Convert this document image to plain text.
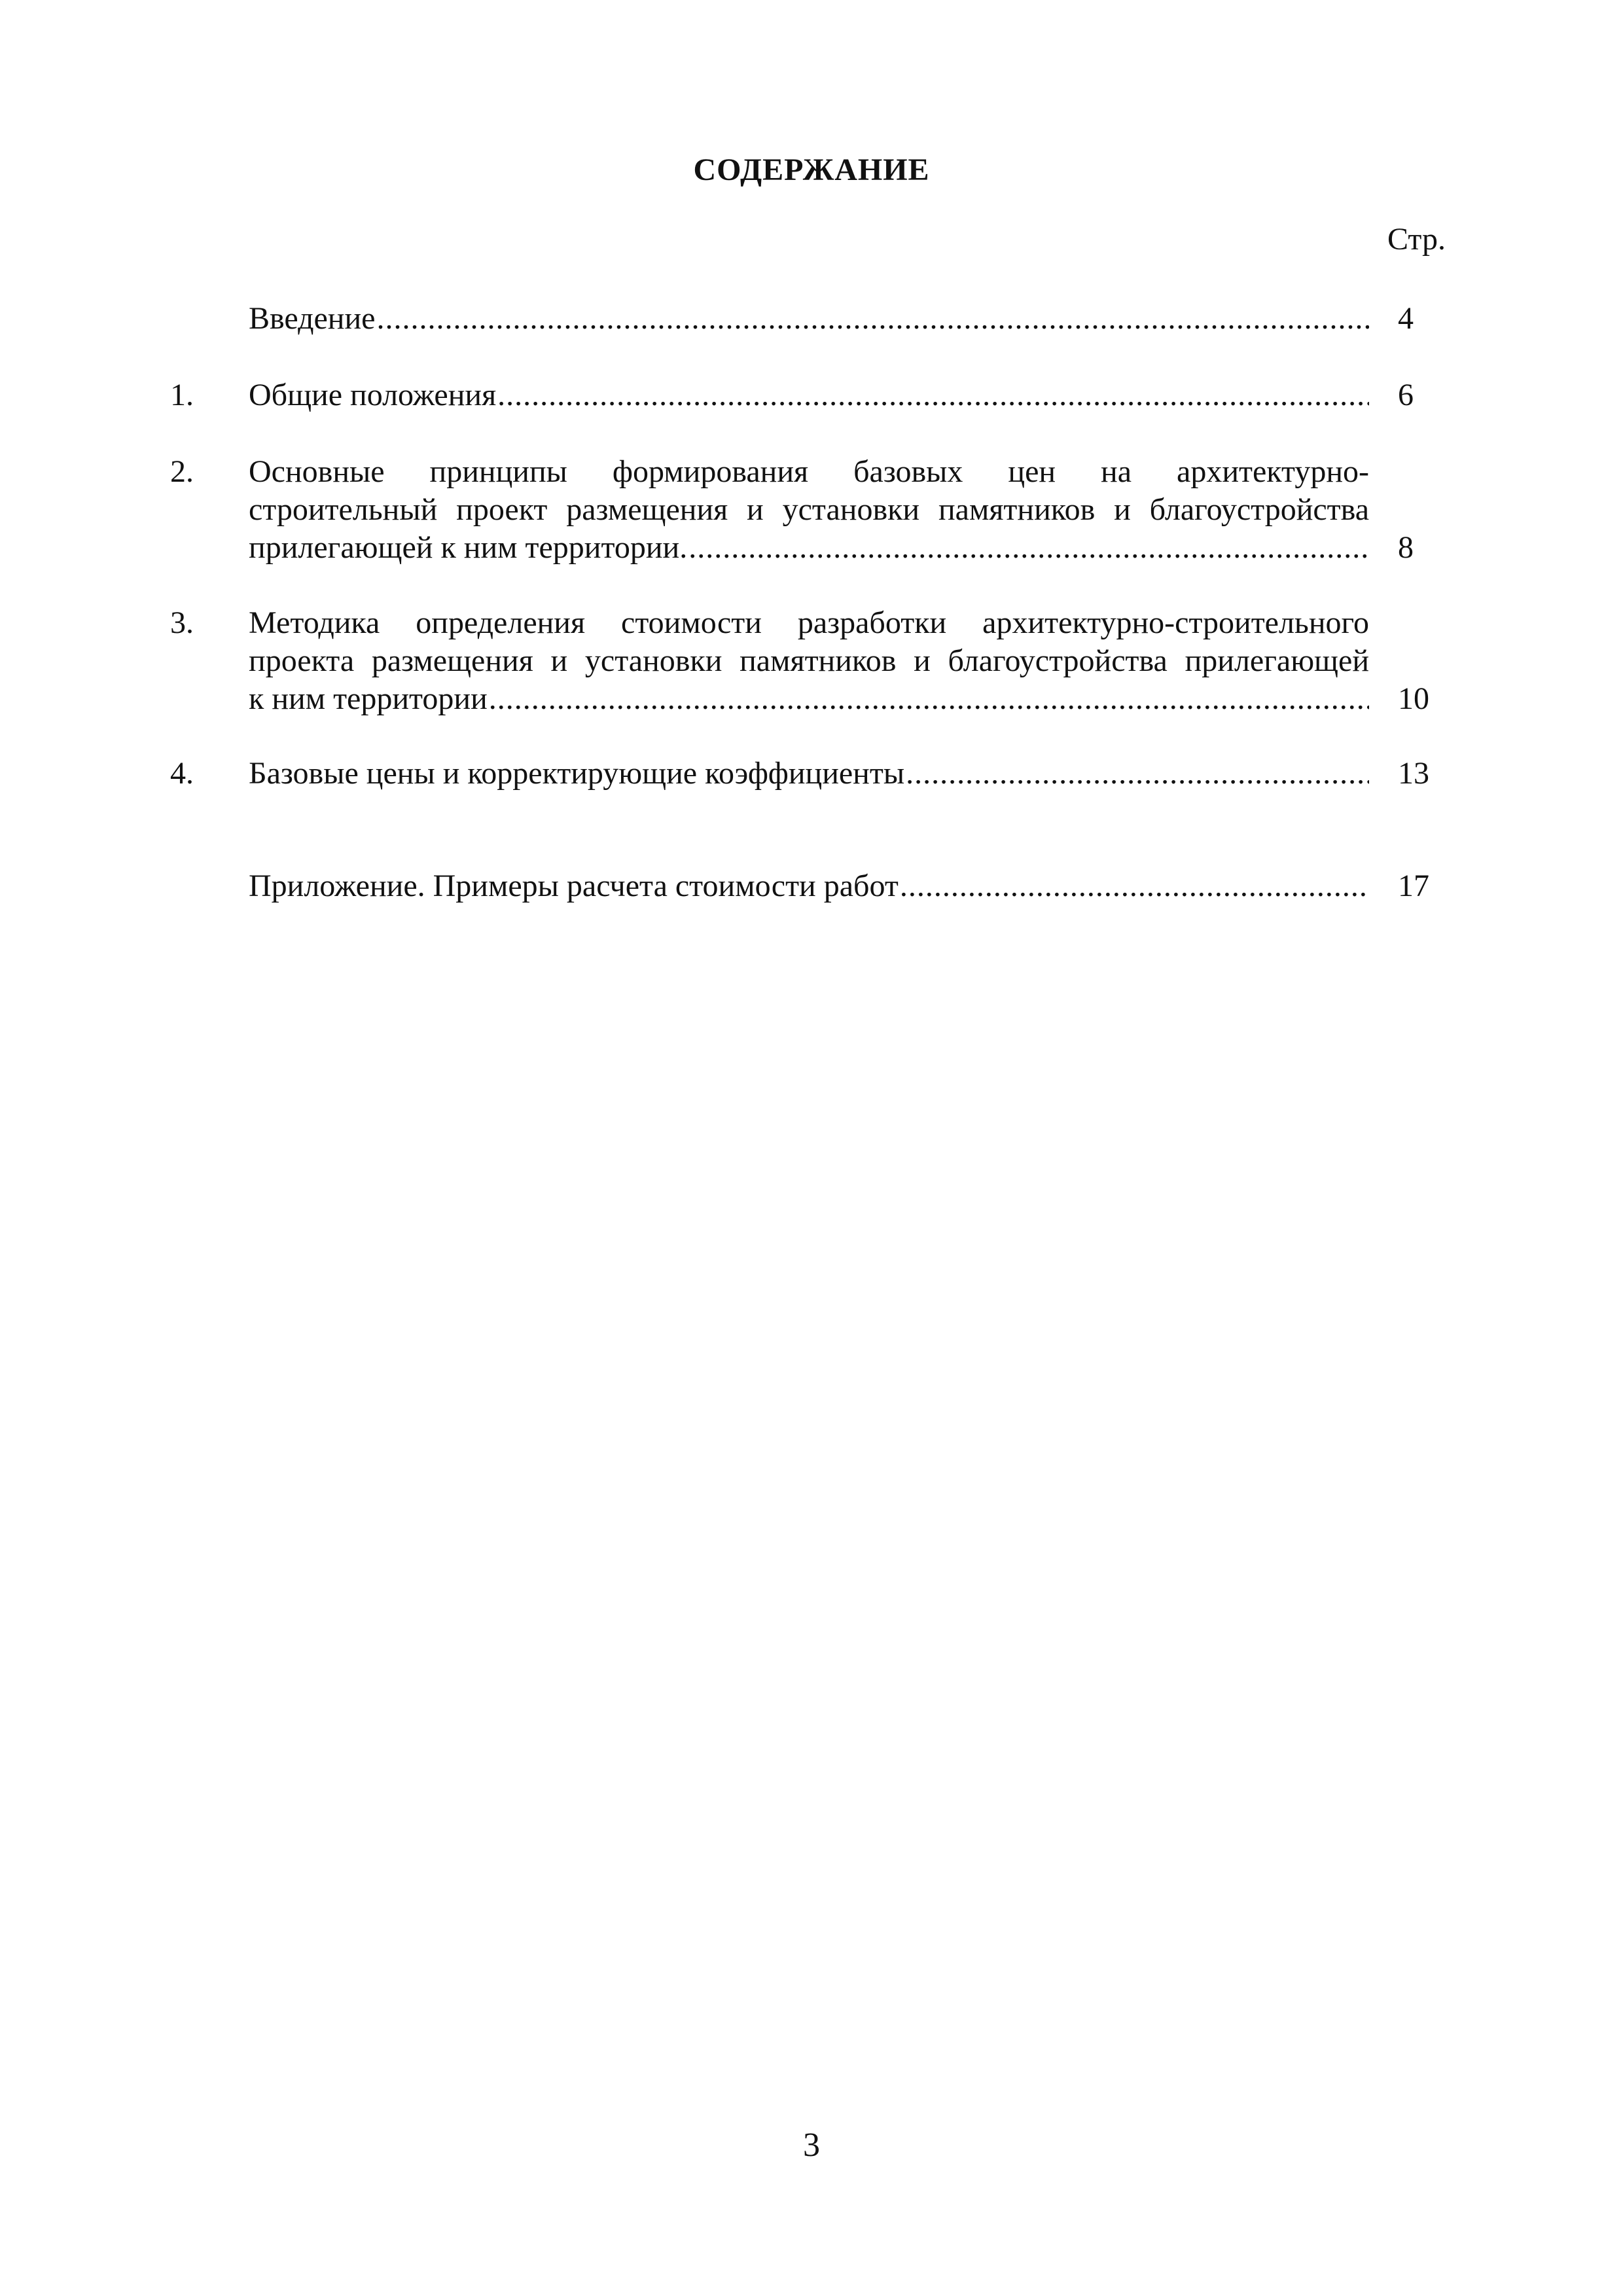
СОДЕРЖАНИЕ
Стр.
Введение .....	4
1. Общие положения .....	6
2. Основные принципы формирования базовых цен на архитектурно-
строительный проект размещения и установки памятников и благоустройства
прилегающей к ним территории. .....	8
3. Методика определения стоимости разработки архитектурно-строительного
проекта размещения и установки памятников и благоустройства прилегающей
к ним территории .....	10
4. Базовые цены и корректирующие коэффициенты .....	13
Приложение. Примеры расчета стоимости работ .....	17
3
